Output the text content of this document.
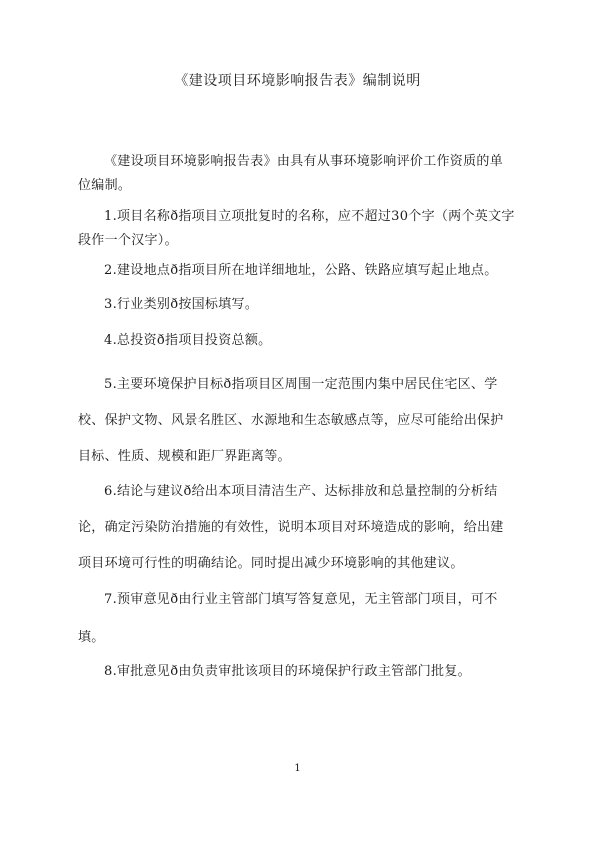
《建设项目环境影响报告表》编制说明
《建设项目环境影响报告表》由具有从事环境影响评价工作资质的单位编制。
1.项目名称ð指项目立项批复时的名称，应不超过30个字（两个英文字段作一个汉字）。
2.建设地点ð指项目所在地详细地址，公路、铁路应填写起止地点。
3.行业类别ð按国标填写。
4.总投资ð指项目投资总额。
5.主要环境保护目标ð指项目区周围一定范围内集中居民住宅区、学校、保护文物、风景名胜区、水源地和生态敏感点等，应尽可能给出保护目标、性质、规模和距厂界距离等。
6.结论与建议ð给出本项目清洁生产、达标排放和总量控制的分析结论，确定污染防治措施的有效性，说明本项目对环境造成的影响，给出建项目环境可行性的明确结论。同时提出减少环境影响的其他建议。
7.预审意见ð由行业主管部门填写答复意见，无主管部门项目，可不填。
8.审批意见ð由负责审批该项目的环境保护行政主管部门批复。
1
